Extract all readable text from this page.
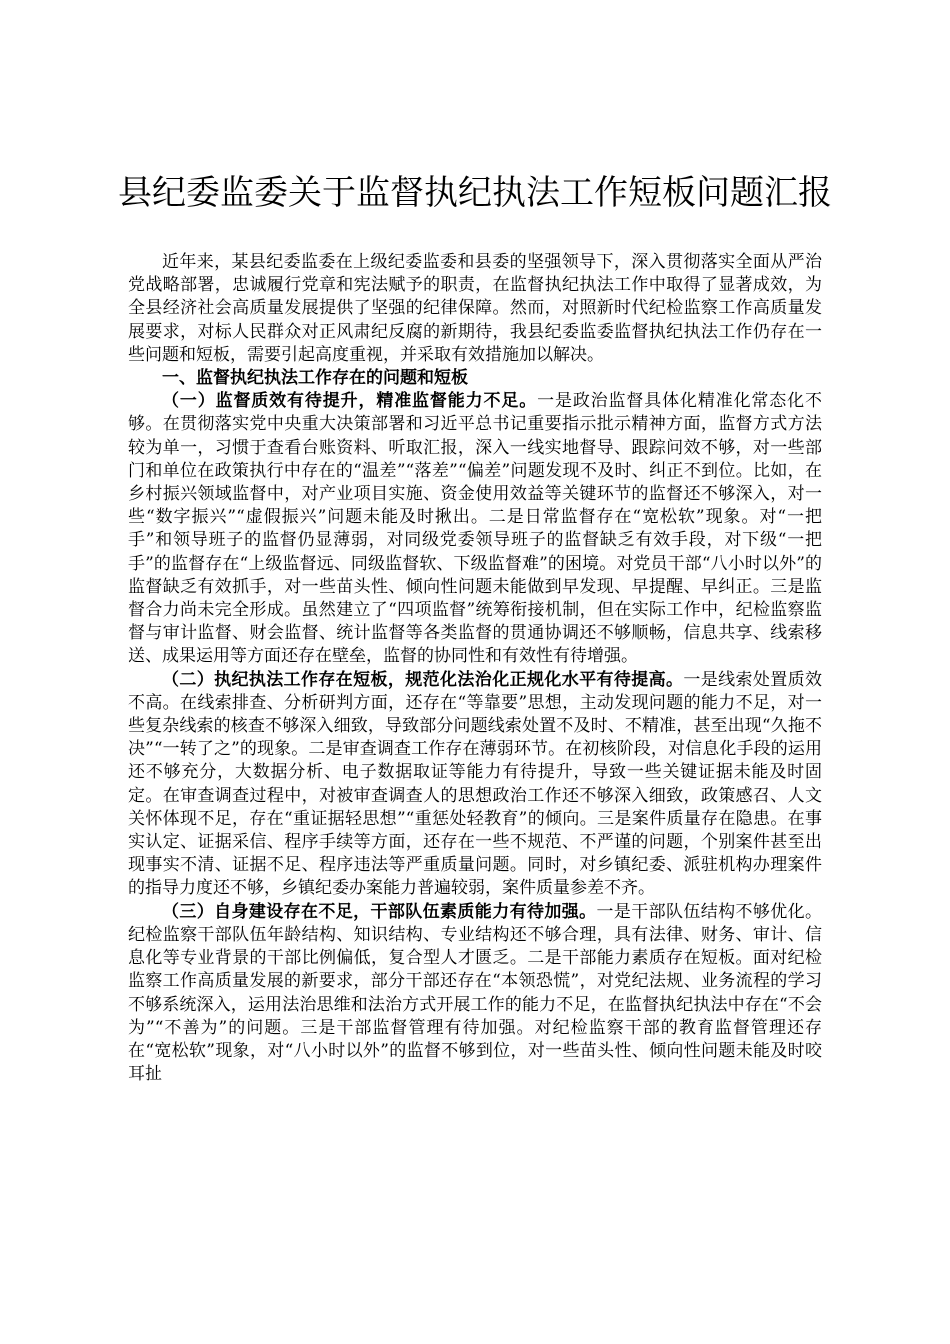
县纪委监委关于监督执纪执法工作短板问题汇报

近年来，某县纪委监委在上级纪委监委和县委的坚强领导下，深入贯彻落实全面从严治党战略部署，忠诚履行党章和宪法赋予的职责，在监督执纪执法工作中取得了显著成效，为全县经济社会高质量发展提供了坚强的纪律保障。然而，对照新时代纪检监察工作高质量发展要求，对标人民群众对正风肃纪反腐的新期待，我县纪委监委监督执纪执法工作仍存在一些问题和短板，需要引起高度重视，并采取有效措施加以解决。

一、监督执纪执法工作存在的问题和短板

（一）监督质效有待提升，精准监督能力不足。一是政治监督具体化精准化常态化不够。在贯彻落实党中央重大决策部署和习近平总书记重要指示批示精神方面，监督方式方法较为单一，习惯于查看台账资料、听取汇报，深入一线实地督导、跟踪问效不够，对一些部门和单位在政策执行中存在的“温差”“落差”“偏差”问题发现不及时、纠正不到位。比如，在乡村振兴领域监督中，对产业项目实施、资金使用效益等关键环节的监督还不够深入，对一些“数字振兴”“虚假振兴”问题未能及时揪出。二是日常监督存在“宽松软”现象。对“一把手”和领导班子的监督仍显薄弱，对同级党委领导班子的监督缺乏有效手段，对下级“一把手”的监督存在“上级监督远、同级监督软、下级监督难”的困境。对党员干部“八小时以外”的监督缺乏有效抓手，对一些苗头性、倾向性问题未能做到早发现、早提醒、早纠正。三是监督合力尚未完全形成。虽然建立了“四项监督”统筹衔接机制，但在实际工作中，纪检监察监督与审计监督、财会监督、统计监督等各类监督的贯通协调还不够顺畅，信息共享、线索移送、成果运用等方面还存在壁垒，监督的协同性和有效性有待增强。

（二）执纪执法工作存在短板，规范化法治化正规化水平有待提高。一是线索处置质效不高。在线索排查、分析研判方面，还存在“等靠要”思想，主动发现问题的能力不足，对一些复杂线索的核查不够深入细致，导致部分问题线索处置不及时、不精准，甚至出现“久拖不决”“一转了之”的现象。二是审查调查工作存在薄弱环节。在初核阶段，对信息化手段的运用还不够充分，大数据分析、电子数据取证等能力有待提升，导致一些关键证据未能及时固定。在审查调查过程中，对被审查调查人的思想政治工作还不够深入细致，政策感召、人文关怀体现不足，存在“重证据轻思想”“重惩处轻教育”的倾向。三是案件质量存在隐患。在事实认定、证据采信、程序手续等方面，还存在一些不规范、不严谨的问题，个别案件甚至出现事实不清、证据不足、程序违法等严重质量问题。同时，对乡镇纪委、派驻机构办理案件的指导力度还不够，乡镇纪委办案能力普遍较弱，案件质量参差不齐。

（三）自身建设存在不足，干部队伍素质能力有待加强。一是干部队伍结构不够优化。纪检监察干部队伍年龄结构、知识结构、专业结构还不够合理，具有法律、财务、审计、信息化等专业背景的干部比例偏低，复合型人才匮乏。二是干部能力素质存在短板。面对纪检监察工作高质量发展的新要求，部分干部还存在“本领恐慌”，对党纪法规、业务流程的学习不够系统深入，运用法治思维和法治方式开展工作的能力不足，在监督执纪执法中存在“不会为”“不善为”的问题。三是干部监督管理有待加强。对纪检监察干部的教育监督管理还存在“宽松软”现象，对“八小时以外”的监督不够到位，对一些苗头性、倾向性问题未能及时咬耳扯
